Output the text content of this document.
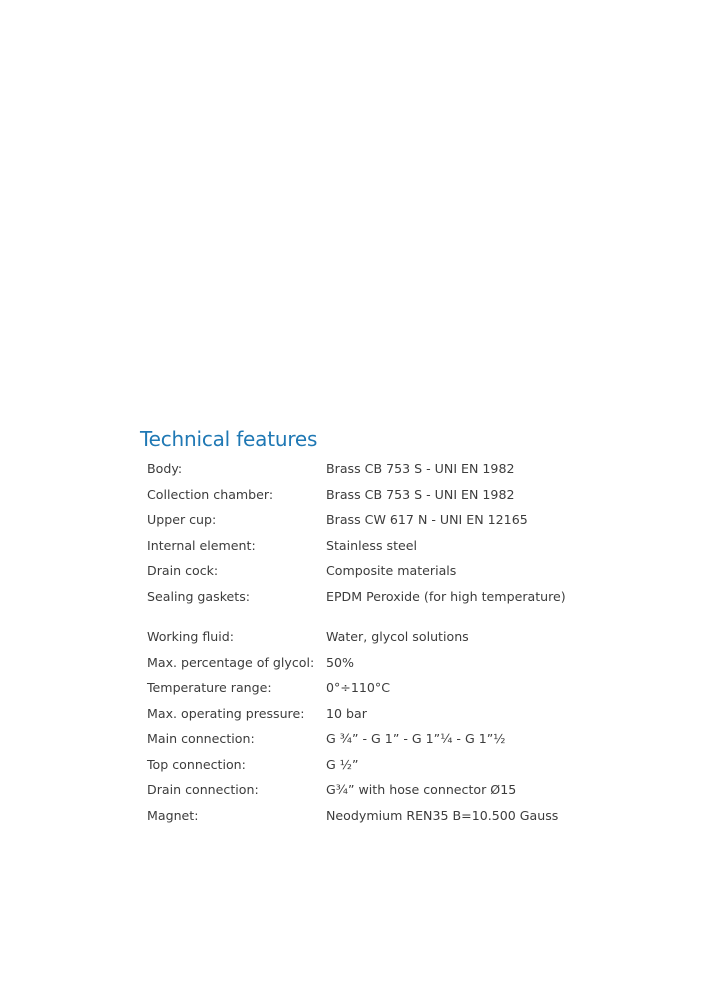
Technical features
Body:	Brass CB 753 S - UNI EN 1982
Collection chamber:	Brass CB 753 S - UNI EN 1982
Upper cup:	Brass CW 617 N - UNI EN 12165
Internal element:	Stainless steel
Drain cock:	Composite materials
Sealing gaskets:	EPDM Peroxide (for high temperature)
Working fluid:	Water, glycol solutions
Max. percentage of glycol: 50%
Temperature range:	0°÷110°C
Max. operating pressure:	10 bar
Main connection:	G ¾” - G 1” - G 1”¼ - G 1”½
Top connection:	G ½”
Drain connection:	G¾” with hose connector Ø15
Magnet:	Neodymium REN35 B=10.500 Gauss
